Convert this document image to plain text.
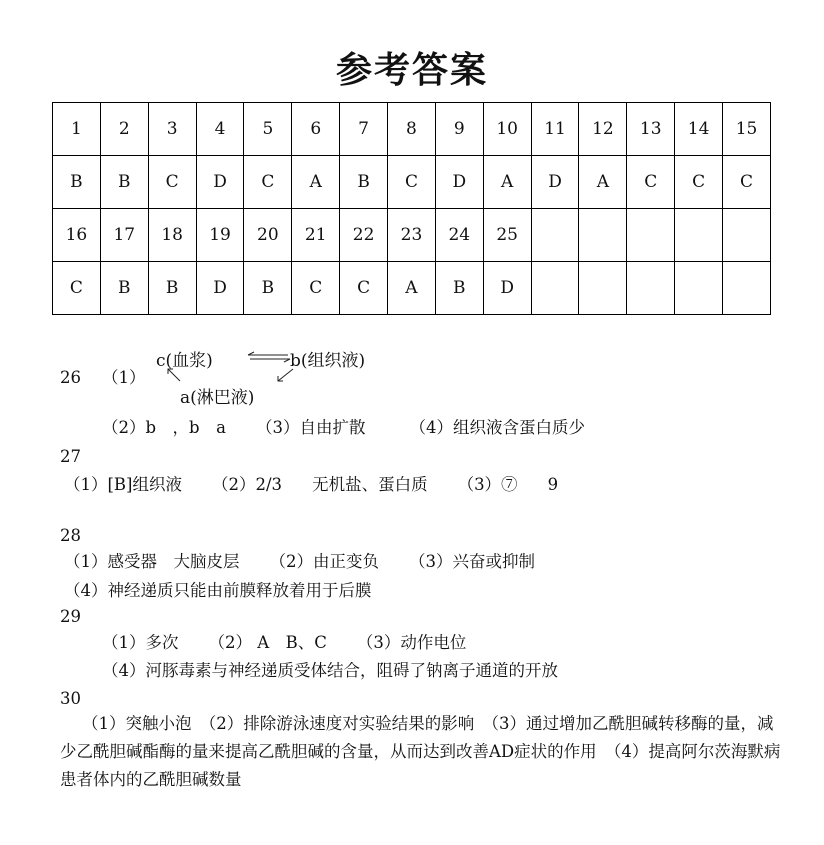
参考答案
1	2	3	4	5	6	7	8	9	10	11	12	13	14	15
B	B	C	D	C	A	B	C	D	A	D	A	C	C	C
16	17	18	19	20	21	22	23	24	25					
C	B	B	D	B	C	C	A	B	D					
26 （1）
c(血浆)	b(组织液)
a(淋巴液)
（2）b　，b　a （3）自由扩散	（4）组织液含蛋白质少
27
（1）[B]组织液 （2）2/3 无机盐、蛋白质 （3）⑦ 9
28
（1）感受器　大脑皮层 （2）由正变负 （3）兴奋或抑制
（4）神经递质只能由前膜释放着用于后膜
29
（1）多次 （2） A　B、C （3）动作电位
（4）河豚毒素与神经递质受体结合，阻碍了钠离子通道的开放
30
（1）突触小泡　（2）排除游泳速度对实验结果的影响　（3）通过增加乙酰胆碱转移酶的量，减少乙酰胆碱酯酶的量来提高乙酰胆碱的含量，从而达到改善AD症状的作用　（4）提高阿尔茨海默病患者体内的乙酰胆碱数量
